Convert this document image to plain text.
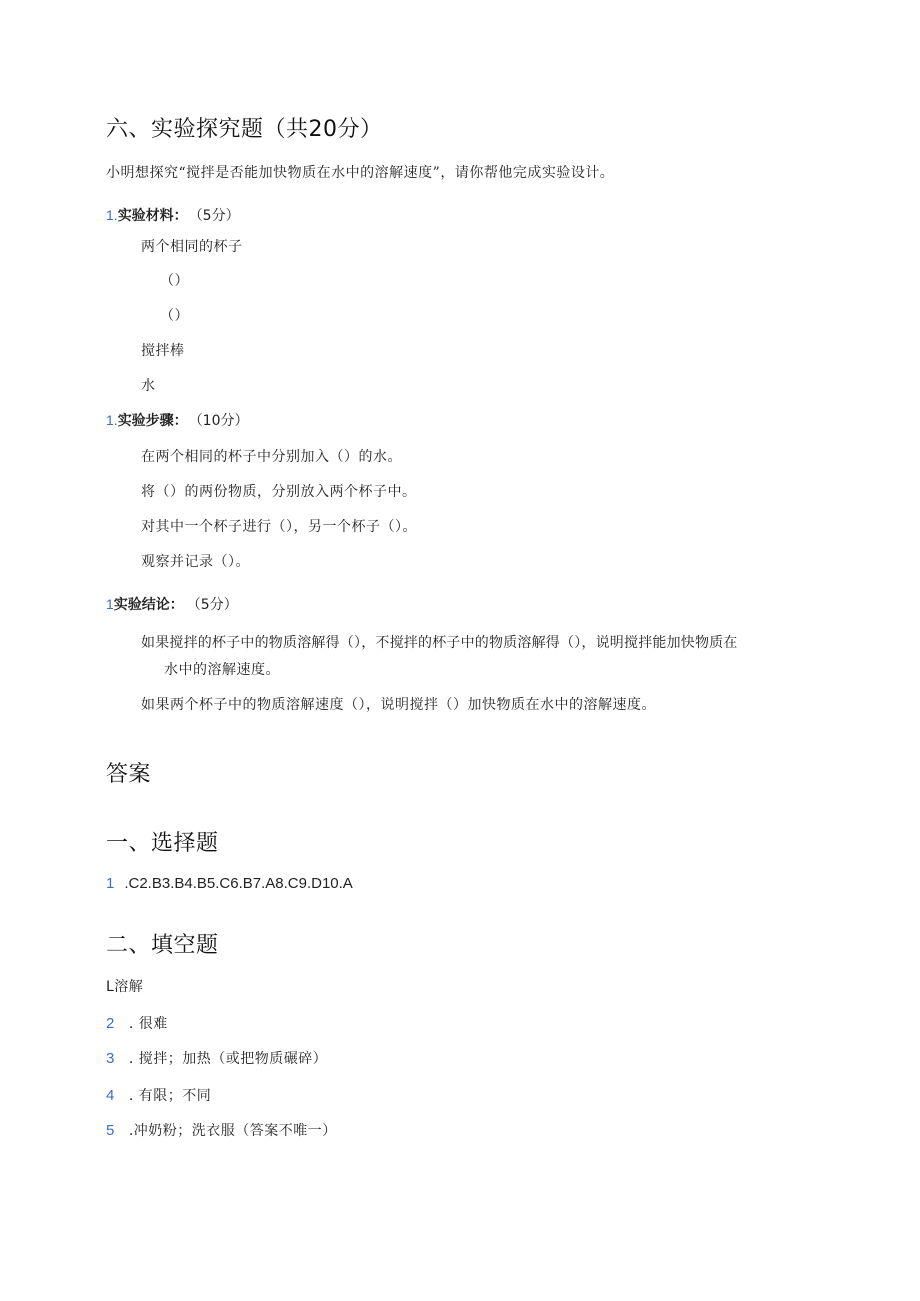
六、实验探究题（共20分）
小明想探究“搅拌是否能加快物质在水中的溶解速度”，请你帮他完成实验设计。
1.实验材料： （5分）
两个相同的杯子
（）
（）
搅拌棒
水
1.实验步骤： （10分）
在两个相同的杯子中分别加入（）的水。
将（）的两份物质，分别放入两个杯子中。
对其中一个杯子进行（），另一个杯子（）。
观察并记录（）。
1实验结论： （5分）
如果搅拌的杯子中的物质溶解得（），不搅拌的杯子中的物质溶解得（），说明搅拌能加快物质在
水中的溶解速度。
如果两个杯子中的物质溶解速度（），说明搅拌（）加快物质在水中的溶解速度。
答案
一、选择题
1 .C2.B3.B4.B5.C6.B7.A8.C9.D10.A
二、填空题
L溶解
2 . 很难
3 . 搅拌；加热（或把物质碾碎）
4 . 有限；不同
5 .冲奶粉；洗衣服（答案不唯一）
